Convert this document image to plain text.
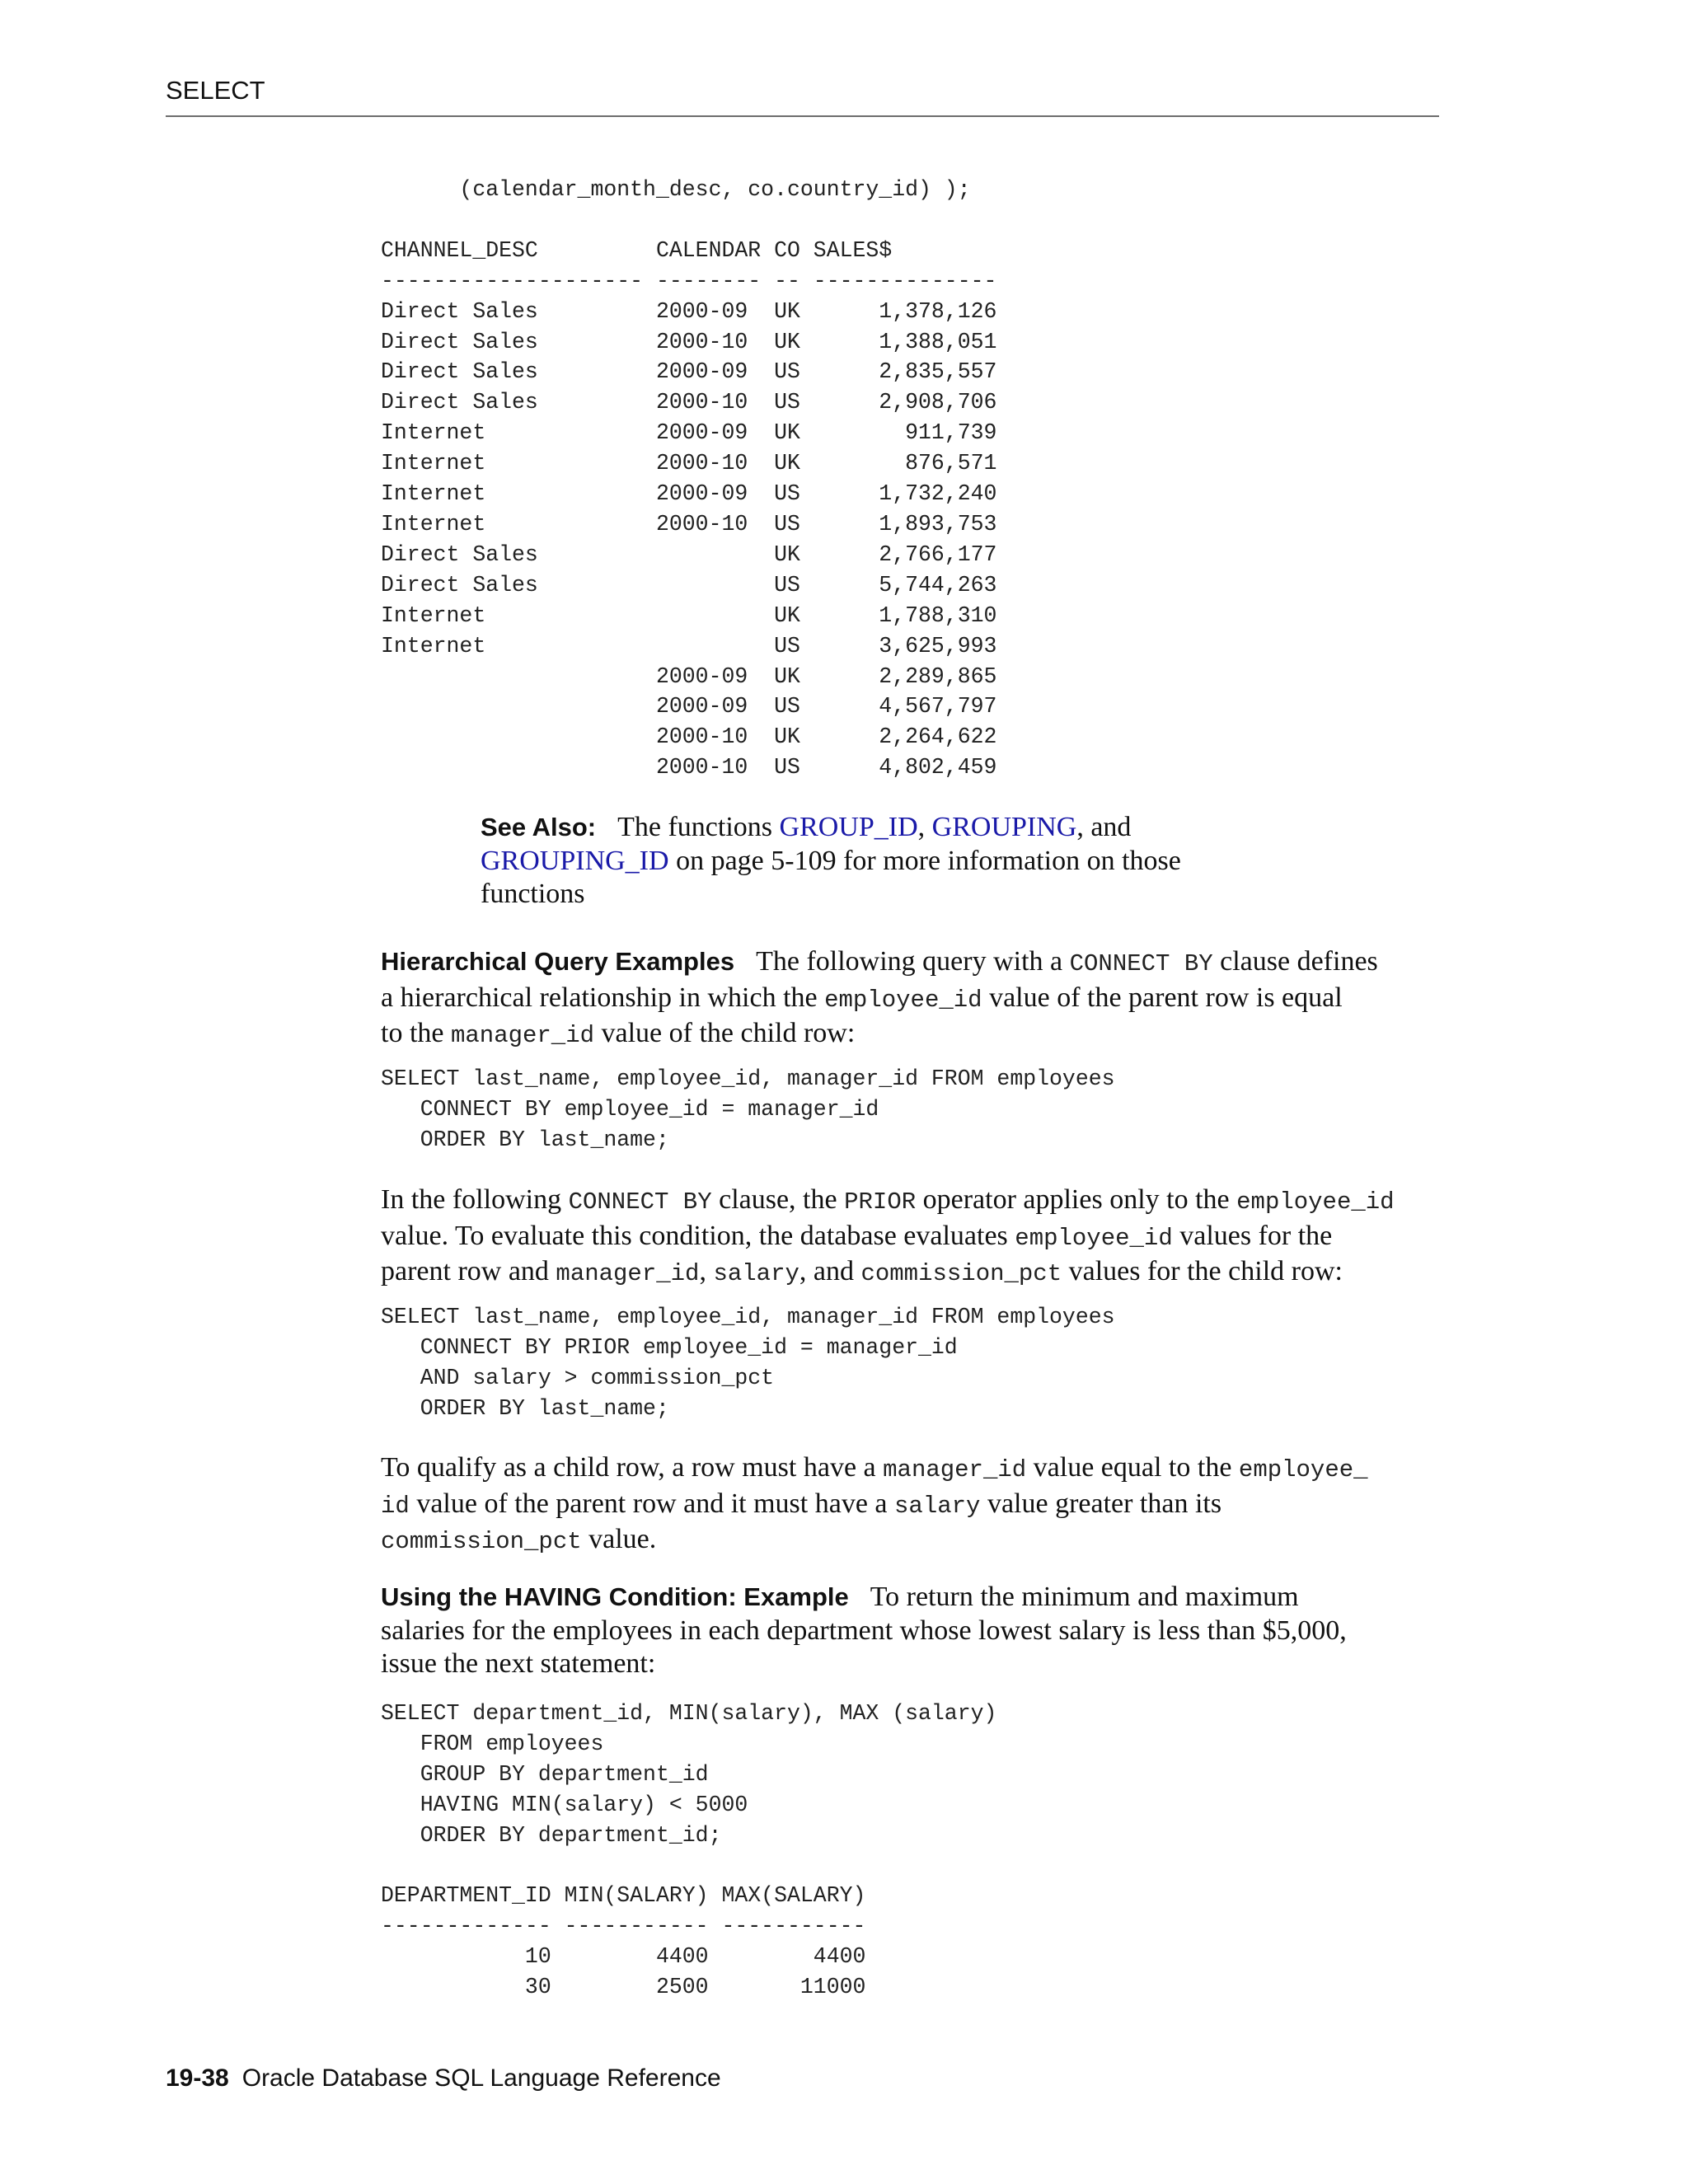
SELECT
(calendar_month_desc, co.country_id) );

CHANNEL_DESC         CALENDAR CO SALES$
-------------------- -------- -- --------------
Direct Sales         2000-09  UK      1,378,126
Direct Sales         2000-10  UK      1,388,051
Direct Sales         2000-09  US      2,835,557
Direct Sales         2000-10  US      2,908,706
Internet             2000-09  UK        911,739
Internet             2000-10  UK        876,571
Internet             2000-09  US      1,732,240
Internet             2000-10  US      1,893,753
Direct Sales                  UK      2,766,177
Direct Sales                  US      5,744,263
Internet                      UK      1,788,310
Internet                      US      3,625,993
2000-09  UK      2,289,865
2000-09  US      4,567,797
2000-10  UK      2,264,622
2000-10  US      4,802,459
See Also: The functions GROUP_ID, GROUPING, and
GROUPING_ID on page 5-109 for more information on those
functions
Hierarchical Query Examples The following query with a CONNECT BY clause defines
a hierarchical relationship in which the employee_id value of the parent row is equal
to the manager_id value of the child row:
SELECT last_name, employee_id, manager_id FROM employees
CONNECT BY employee_id = manager_id
ORDER BY last_name;
In the following CONNECT BY clause, the PRIOR operator applies only to the employee_id
value. To evaluate this condition, the database evaluates employee_id values for the
parent row and manager_id, salary, and commission_pct values for the child row:
SELECT last_name, employee_id, manager_id FROM employees
CONNECT BY PRIOR employee_id = manager_id
AND salary > commission_pct
ORDER BY last_name;
To qualify as a child row, a row must have a manager_id value equal to the employee_
id value of the parent row and it must have a salary value greater than its
commission_pct value.
Using the HAVING Condition: Example To return the minimum and maximum
salaries for the employees in each department whose lowest salary is less than $5,000,
issue the next statement:
SELECT department_id, MIN(salary), MAX (salary)
FROM employees
GROUP BY department_id
HAVING MIN(salary) < 5000
ORDER BY department_id;

DEPARTMENT_ID MIN(SALARY) MAX(SALARY)
------------- ----------- -----------
10        4400        4400
30        2500       11000
19-38 Oracle Database SQL Language Reference
